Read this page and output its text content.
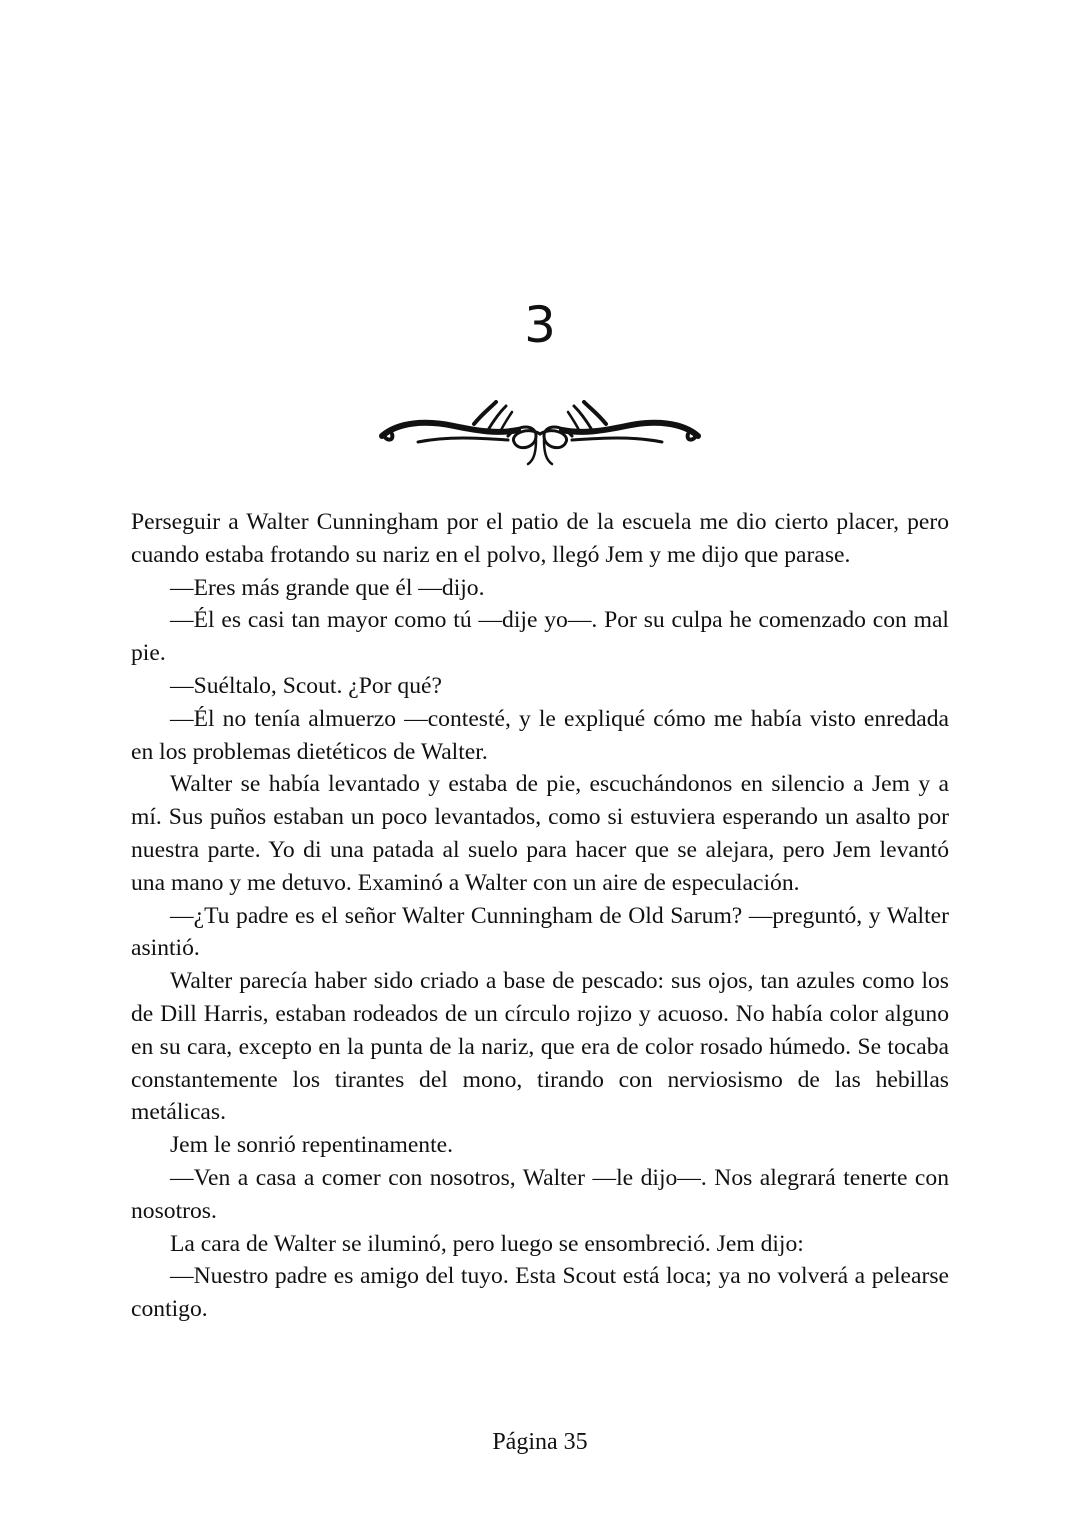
3

Perseguir a Walter Cunningham por el patio de la escuela me dio cierto placer, pero cuando estaba frotando su nariz en el polvo, llegó Jem y me dijo que parase.

—Eres más grande que él —dijo.

—Él es casi tan mayor como tú —dije yo—. Por su culpa he comenzado con mal pie.

—Suéltalo, Scout. ¿Por qué?

—Él no tenía almuerzo —contesté, y le expliqué cómo me había visto enredada en los problemas dietéticos de Walter.

Walter se había levantado y estaba de pie, escuchándonos en silencio a Jem y a mí. Sus puños estaban un poco levantados, como si estuviera esperando un asalto por nuestra parte. Yo di una patada al suelo para hacer que se alejara, pero Jem levantó una mano y me detuvo. Examinó a Walter con un aire de especulación.

—¿Tu padre es el señor Walter Cunningham de Old Sarum? —preguntó, y Walter asintió.

Walter parecía haber sido criado a base de pescado: sus ojos, tan azules como los de Dill Harris, estaban rodeados de un círculo rojizo y acuoso. No había color alguno en su cara, excepto en la punta de la nariz, que era de color rosado húmedo. Se tocaba constantemente los tirantes del mono, tirando con nerviosismo de las hebillas metálicas.

Jem le sonrió repentinamente.

—Ven a casa a comer con nosotros, Walter —le dijo—. Nos alegrará tenerte con nosotros.

La cara de Walter se iluminó, pero luego se ensombreció. Jem dijo:

—Nuestro padre es amigo del tuyo. Esta Scout está loca; ya no volverá a pelearse contigo.

Página 35
